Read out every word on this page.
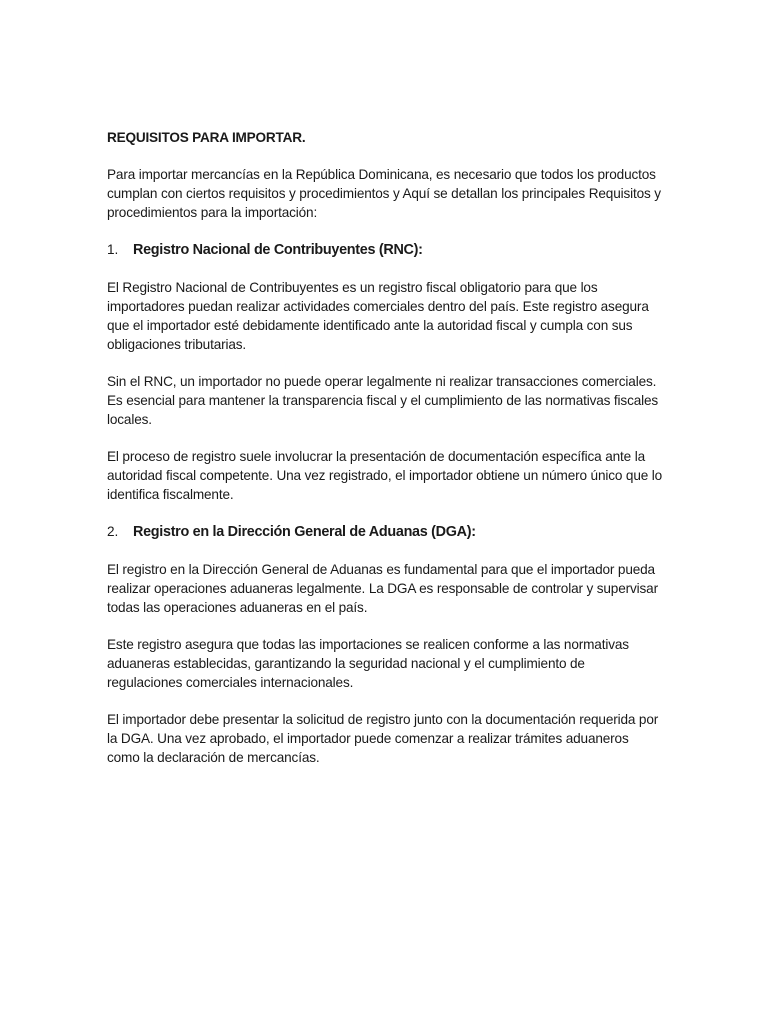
REQUISITOS PARA IMPORTAR.
Para importar mercancías en la República Dominicana, es necesario que todos los productos cumplan con ciertos requisitos y procedimientos y Aquí se detallan los principales Requisitos y procedimientos para la importación:
1.	Registro Nacional de Contribuyentes (RNC):
El Registro Nacional de Contribuyentes es un registro fiscal obligatorio para que los importadores puedan realizar actividades comerciales dentro del país. Este registro asegura que el importador esté debidamente identificado ante la autoridad fiscal y cumpla con sus obligaciones tributarias.
Sin el RNC, un importador no puede operar legalmente ni realizar transacciones comerciales. Es esencial para mantener la transparencia fiscal y el cumplimiento de las normativas fiscales locales.
El proceso de registro suele involucrar la presentación de documentación específica ante la autoridad fiscal competente. Una vez registrado, el importador obtiene un número único que lo identifica fiscalmente.
2.	Registro en la Dirección General de Aduanas (DGA):
El registro en la Dirección General de Aduanas es fundamental para que el importador pueda realizar operaciones aduaneras legalmente. La DGA es responsable de controlar y supervisar todas las operaciones aduaneras en el país.
Este registro asegura que todas las importaciones se realicen conforme a las normativas aduaneras establecidas, garantizando la seguridad nacional y el cumplimiento de regulaciones comerciales internacionales.
El importador debe presentar la solicitud de registro junto con la documentación requerida por la DGA. Una vez aprobado, el importador puede comenzar a realizar trámites aduaneros como la declaración de mercancías.
